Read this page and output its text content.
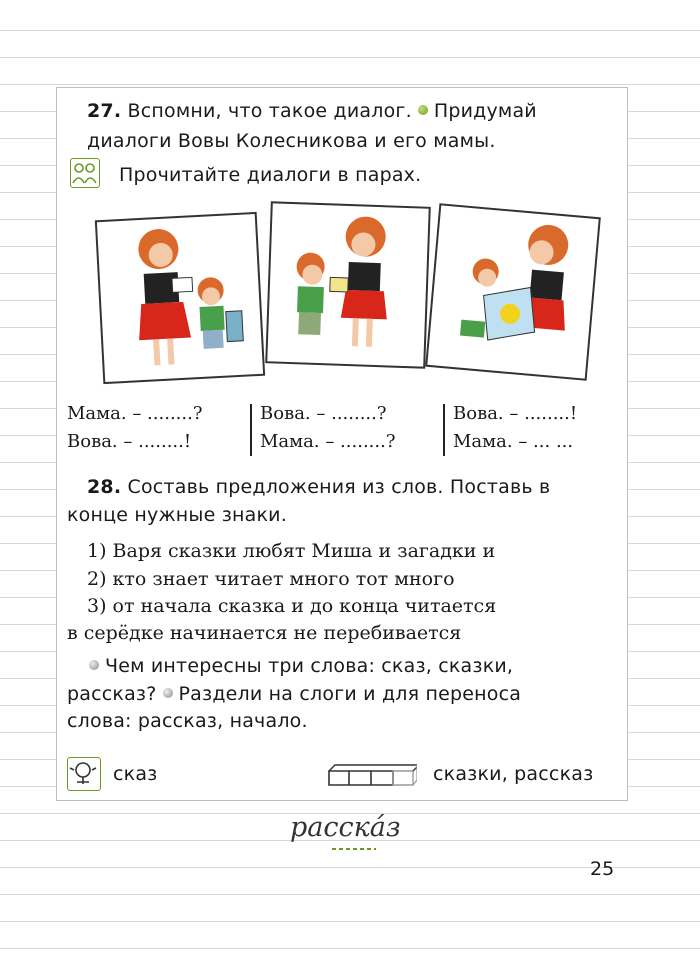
27. Вспомни, что такое диалог. Придумай
диалоги Вовы Колесникова и его мамы.
Прочитайте диалоги в парах.
Мама. – ........?
Вова. – ........!
Вова. – ........?
Мама. – ........?
Вова. – ........!
Мама. – ... ...
28. Составь предложения из слов. Поставь в
конце нужные знаки.
1) Варя сказки любят Миша и загадки и
2) кто знает читает много тот много
3) от начала сказка и до конца читается
в серёдке начинается не перебивается
Чем интересны три слова: сказ, сказки,
рассказ? Раздели на слоги и для переноса
слова: рассказ, начало.
сказ	сказки, рассказ
расска́з
25
